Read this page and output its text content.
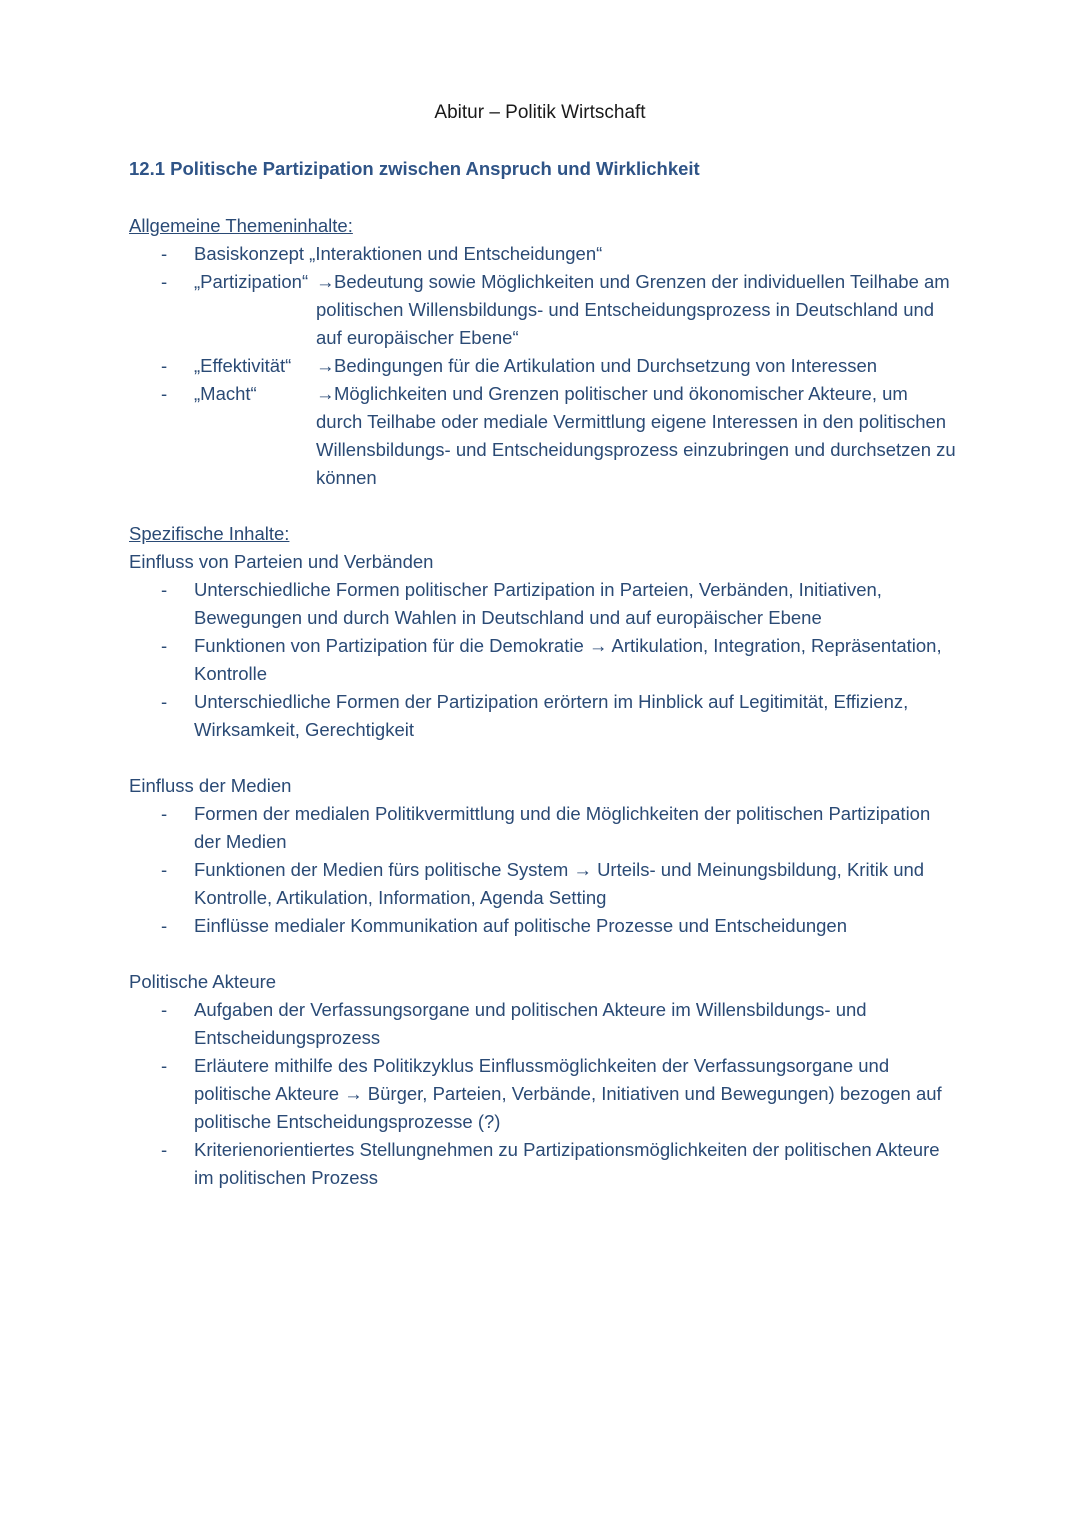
Abitur – Politik Wirtschaft
12.1 Politische Partizipation zwischen Anspruch und Wirklichkeit
Allgemeine Themeninhalte:
- Basiskonzept „Interaktionen und Entscheidungen“
- „Partizipation“ →Bedeutung sowie Möglichkeiten und Grenzen der individuellen Teilhabe am politischen Willensbildungs- und Entscheidungsprozess in Deutschland und auf europäischer Ebene“
- „Effektivität“	→Bedingungen für die Artikulation und Durchsetzung von Interessen
- „Macht“	→Möglichkeiten und Grenzen politischer und ökonomischer Akteure, um durch Teilhabe oder mediale Vermittlung eigene Interessen in den politischen Willensbildungs- und Entscheidungsprozess einzubringen und durchsetzen zu können
Spezifische Inhalte:
Einfluss von Parteien und Verbänden
- Unterschiedliche Formen politischer Partizipation in Parteien, Verbänden, Initiativen, Bewegungen und durch Wahlen in Deutschland und auf europäischer Ebene
- Funktionen von Partizipation für die Demokratie → Artikulation, Integration, Repräsentation, Kontrolle
- Unterschiedliche Formen der Partizipation erörtern im Hinblick auf Legitimität, Effizienz, Wirksamkeit, Gerechtigkeit
Einfluss der Medien
- Formen der medialen Politikvermittlung und die Möglichkeiten der politischen Partizipation der Medien
- Funktionen der Medien fürs politische System → Urteils- und Meinungsbildung, Kritik und Kontrolle, Artikulation, Information, Agenda Setting
- Einflüsse medialer Kommunikation auf politische Prozesse und Entscheidungen
Politische Akteure
- Aufgaben der Verfassungsorgane und politischen Akteure im Willensbildungs- und Entscheidungsprozess
- Erläutere mithilfe des Politikzyklus Einflussmöglichkeiten der Verfassungsorgane und politische Akteure → Bürger, Parteien, Verbände, Initiativen und Bewegungen) bezogen auf politische Entscheidungsprozesse (?)
- Kriterienorientiertes Stellungnehmen zu Partizipationsmöglichkeiten der politischen Akteure im politischen Prozess
